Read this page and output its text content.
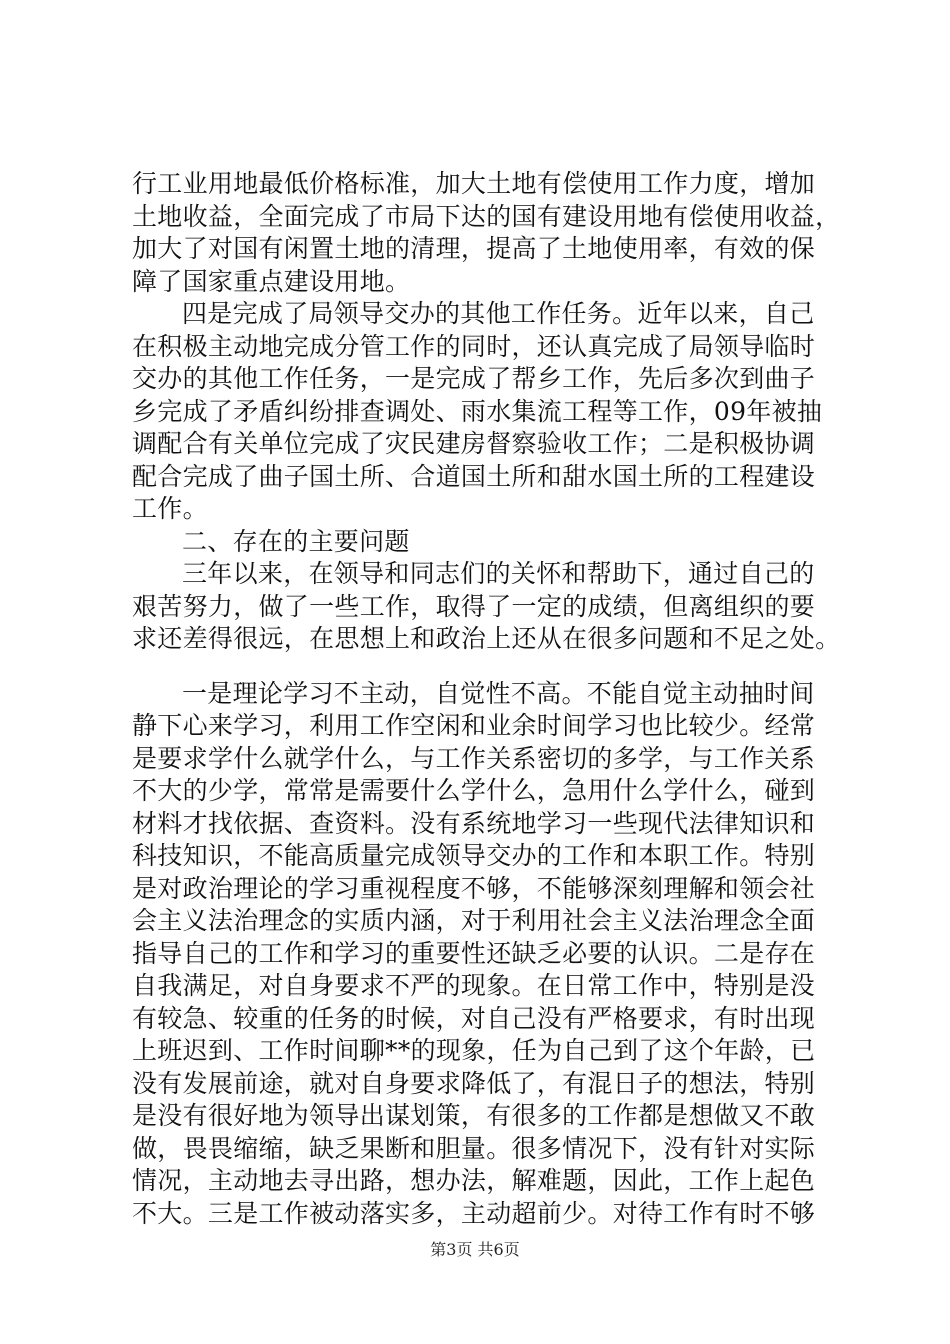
行工业用地最低价格标准，加大土地有偿使用工作力度，增加
土地收益，全面完成了市局下达的国有建设用地有偿使用收益，
加大了对国有闲置土地的清理，提高了土地使用率，有效的保
障了国家重点建设用地。
四是完成了局领导交办的其他工作任务。近年以来，自己
在积极主动地完成分管工作的同时，还认真完成了局领导临时
交办的其他工作任务，一是完成了帮乡工作，先后多次到曲子
乡完成了矛盾纠纷排查调处、雨水集流工程等工作，09年被抽
调配合有关单位完成了灾民建房督察验收工作；二是积极协调
配合完成了曲子国土所、合道国土所和甜水国土所的工程建设
工作。
二、存在的主要问题
三年以来，在领导和同志们的关怀和帮助下，通过自己的
艰苦努力，做了一些工作，取得了一定的成绩，但离组织的要
求还差得很远，在思想上和政治上还从在很多问题和不足之处。
一是理论学习不主动，自觉性不高。不能自觉主动抽时间
静下心来学习，利用工作空闲和业余时间学习也比较少。经常
是要求学什么就学什么，与工作关系密切的多学，与工作关系
不大的少学，常常是需要什么学什么，急用什么学什么，碰到
材料才找依据、查资料。没有系统地学习一些现代法律知识和
科技知识，不能高质量完成领导交办的工作和本职工作。特别
是对政治理论的学习重视程度不够，不能够深刻理解和领会社
会主义法治理念的实质内涵，对于利用社会主义法治理念全面
指导自己的工作和学习的重要性还缺乏必要的认识。二是存在
自我满足，对自身要求不严的现象。在日常工作中，特别是没
有较急、较重的任务的时候，对自己没有严格要求，有时出现
上班迟到、工作时间聊**的现象，任为自己到了这个年龄，已
没有发展前途，就对自身要求降低了，有混日子的想法，特别
是没有很好地为领导出谋划策，有很多的工作都是想做又不敢
做，畏畏缩缩，缺乏果断和胆量。很多情况下，没有针对实际
情况，主动地去寻出路，想办法，解难题，因此，工作上起色
不大。三是工作被动落实多，主动超前少。对待工作有时不够
第3页 共6页
